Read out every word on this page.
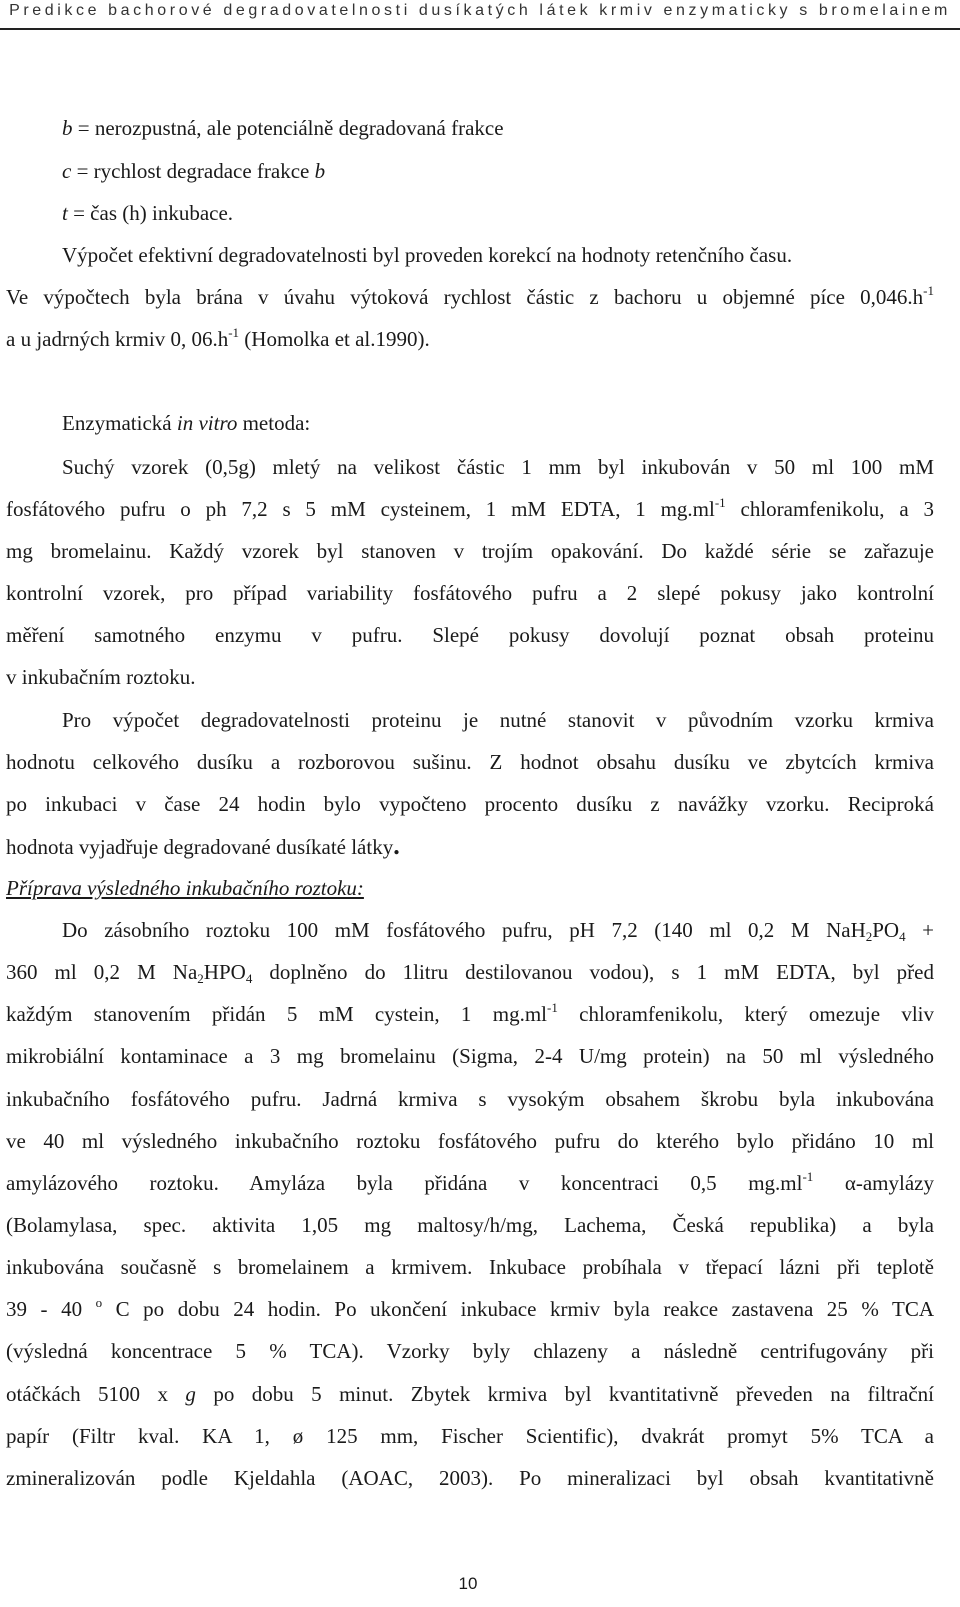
Predikce bachorové degradovatelnosti dusíkatých látek krmiv enzymaticky s bromelainem
b = nerozpustná, ale potenciálně degradovaná frakce
c = rychlost degradace frakce b
t = čas (h) inkubace.
Výpočet efektivní degradovatelnosti byl proveden korekcí na hodnoty retenčního času.
Ve výpočtech byla brána v úvahu výtoková rychlost částic z bachoru u objemné píce $0,046.h^{-1}$
a u jadrných krmiv 0, $06.h^{-1}$ (Homolka et al.1990).
Enzymatická in vitro metoda:
Suchý vzorek (0,5g) mletý na velikost částic 1 mm byl inkubován v 50 ml 100 mM
fosfátového pufru o ph 7,2 s 5 mM cysteinem, 1 mM EDTA, 1 $mg.ml^{-1}$ chloramfenikolu, a 3
mg bromelainu. Každý vzorek byl stanoven v trojím opakování. Do každé série se zařazuje
kontrolní vzorek, pro případ variability fosfátového pufru a 2 slepé pokusy jako kontrolní
měření samotného enzymu v pufru. Slepé pokusy dovolují poznat obsah proteinu
v inkubačním roztoku.
Pro výpočet degradovatelnosti proteinu je nutné stanovit v původním vzorku krmiva
hodnotu celkového dusíku a rozborovou sušinu. Z hodnot obsahu dusíku ve zbytcích krmiva
po inkubaci v čase 24 hodin bylo vypočteno procento dusíku z navážky vzorku. Reciproká
hodnota vyjadřuje degradované dusíkaté látky.
Příprava výsledného inkubačního roztoku:
Do zásobního roztoku 100 mM fosfátového pufru, pH 7,2 (140 ml 0,2 M $NaH_2PO_4$ +
360 ml 0,2 M $Na_2HPO_4$ doplněno do 1litru destilovanou vodou), s 1 mM EDTA, byl před
každým stanovením přidán 5 mM cystein, 1 $mg.ml^{-1}$ chloramfenikolu, který omezuje vliv
mikrobiální kontaminace a 3 mg bromelainu (Sigma, 2-4 U/mg protein) na 50 ml výsledného
inkubačního fosfátového pufru. Jadrná krmiva s vysokým obsahem škrobu byla inkubována
ve 40 ml výsledného inkubačního roztoku fosfátového pufru do kterého bylo přidáno 10 ml
amylázového roztoku. Amyláza byla přidána v koncentraci 0,5 $mg.ml^{-1}$ α-amylázy
(Bolamylasa, spec. aktivita 1,05 mg maltosy/h/mg, Lachema, Česká republika) a byla
inkubována současně s bromelainem a krmivem. Inkubace probíhala v třepací lázni při teplotě
39 - 40 $^o$ C po dobu 24 hodin. Po ukončení inkubace krmiv byla reakce zastavena 25 % TCA
(výsledná koncentrace 5 % TCA). Vzorky byly chlazeny a následně centrifugovány při
otáčkách 5100 x g po dobu 5 minut. Zbytek krmiva byl kvantitativně převeden na filtrační
papír (Filtr kval. KA 1, ø 125 mm, Fischer Scientific), dvakrát promyt 5% TCA a
zmineralizován podle Kjeldahla (AOAC, 2003). Po mineralizaci byl obsah kvantitativně
10
